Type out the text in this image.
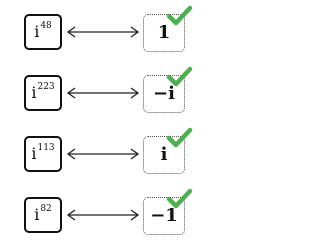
i 48	1
i 223	−i
i 113	i
i 82	−1
